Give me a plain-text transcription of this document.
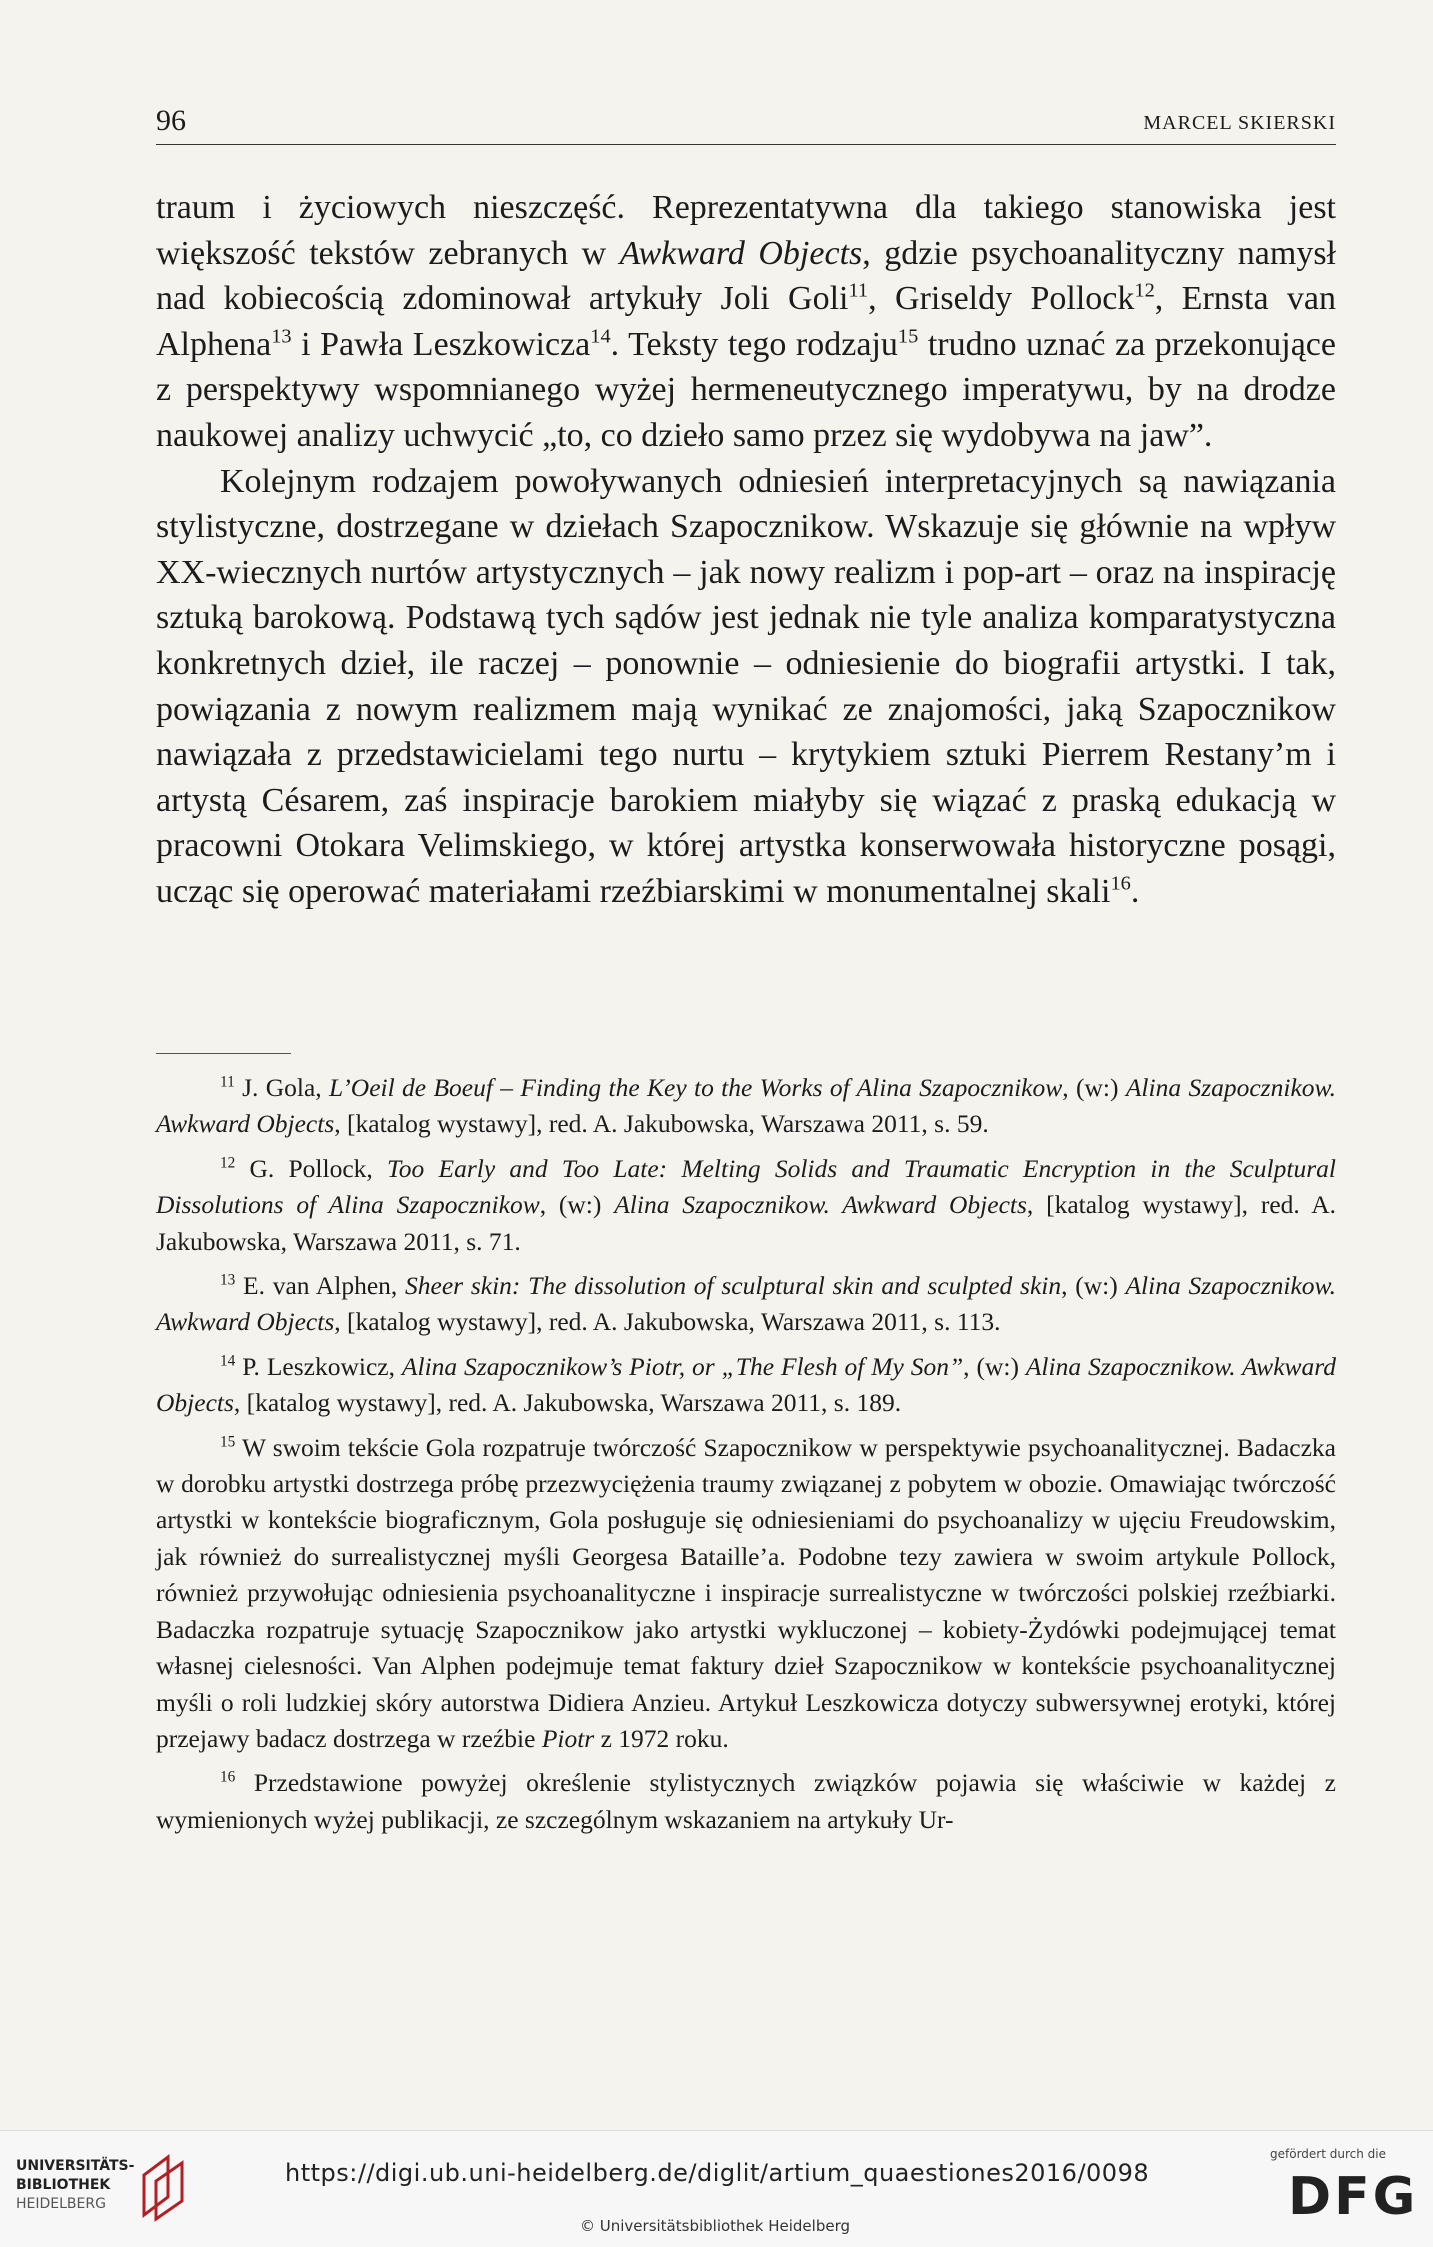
96	MARCEL SKIERSKI

traum i życiowych nieszczęść. Reprezentatywna dla takiego stanowiska jest większość tekstów zebranych w Awkward Objects, gdzie psychoanalityczny namysł nad kobiecością zdominował artykuły Joli Goli$^{11}$, Griseldy Pollock$^{12}$, Ernsta van Alphena$^{13}$ i Pawła Leszkowicza$^{14}$. Teksty tego rodzaju$^{15}$ trudno uznać za przekonujące z perspektywy wspomnianego wyżej hermeneutycznego imperatywu, by na drodze naukowej analizy uchwycić „to, co dzieło samo przez się wydobywa na jaw”.

Kolejnym rodzajem powoływanych odniesień interpretacyjnych są nawiązania stylistyczne, dostrzegane w dziełach Szapocznikow. Wskazuje się głównie na wpływ XX-wiecznych nurtów artystycznych – jak nowy realizm i pop-art – oraz na inspirację sztuką barokową. Podstawą tych sądów jest jednak nie tyle analiza komparatystyczna konkretnych dzieł, ile raczej – ponownie – odniesienie do biografii artystki. I tak, powiązania z nowym realizmem mają wynikać ze znajomości, jaką Szapocznikow nawiązała z przedstawicielami tego nurtu – krytykiem sztuki Pierrem Restany’m i artystą Césarem, zaś inspiracje barokiem miałyby się wiązać z praską edukacją w pracowni Otokara Velimskiego, w której artystka konserwowała historyczne posągi, ucząc się operować materiałami rzeźbiarskimi w monumentalnej skali$^{16}$.

$^{11}$ J. Gola, L’Oeil de Boeuf – Finding the Key to the Works of Alina Szapocznikow, (w:) Alina Szapocznikow. Awkward Objects, [katalog wystawy], red. A. Jakubowska, Warszawa 2011, s. 59.

$^{12}$ G. Pollock, Too Early and Too Late: Melting Solids and Traumatic Encryption in the Sculptural Dissolutions of Alina Szapocznikow, (w:) Alina Szapocznikow. Awkward Objects, [katalog wystawy], red. A. Jakubowska, Warszawa 2011, s. 71.

$^{13}$ E. van Alphen, Sheer skin: The dissolution of sculptural skin and sculpted skin, (w:) Alina Szapocznikow. Awkward Objects, [katalog wystawy], red. A. Jakubowska, Warszawa 2011, s. 113.

$^{14}$ P. Leszkowicz, Alina Szapocznikow’s Piotr, or „The Flesh of My Son”, (w:) Alina Szapocznikow. Awkward Objects, [katalog wystawy], red. A. Jakubowska, Warszawa 2011, s. 189.

$^{15}$ W swoim tekście Gola rozpatruje twórczość Szapocznikow w perspektywie psychoanalitycznej. Badaczka w dorobku artystki dostrzega próbę przezwyciężenia traumy związanej z pobytem w obozie. Omawiając twórczość artystki w kontekście biograficznym, Gola posługuje się odniesieniami do psychoanalizy w ujęciu Freudowskim, jak również do surrealistycznej myśli Georgesa Bataille’a. Podobne tezy zawiera w swoim artykule Pollock, również przywołując odniesienia psychoanalityczne i inspiracje surrealistyczne w twórczości polskiej rzeźbiarki. Badaczka rozpatruje sytuację Szapocznikow jako artystki wykluczonej – kobiety-Żydówki podejmującej temat własnej cielesności. Van Alphen podejmuje temat faktury dzieł Szapocznikow w kontekście psychoanalitycznej myśli o roli ludzkiej skóry autorstwa Didiera Anzieu. Artykuł Leszkowicza dotyczy subwersywnej erotyki, której przejawy badacz dostrzega w rzeźbie Piotr z 1972 roku.

$^{16}$ Przedstawione powyżej określenie stylistycznych związków pojawia się właściwie w każdej z wymienionych wyżej publikacji, ze szczególnym wskazaniem na artykuły Ur-

UNIVERSITÄTS-
BIBLIOTHEK
HEIDELBERG
https://digi.ub.uni-heidelberg.de/diglit/artium_quaestiones2016/0098
© Universitätsbibliothek Heidelberg
gefördert durch die
DFG
